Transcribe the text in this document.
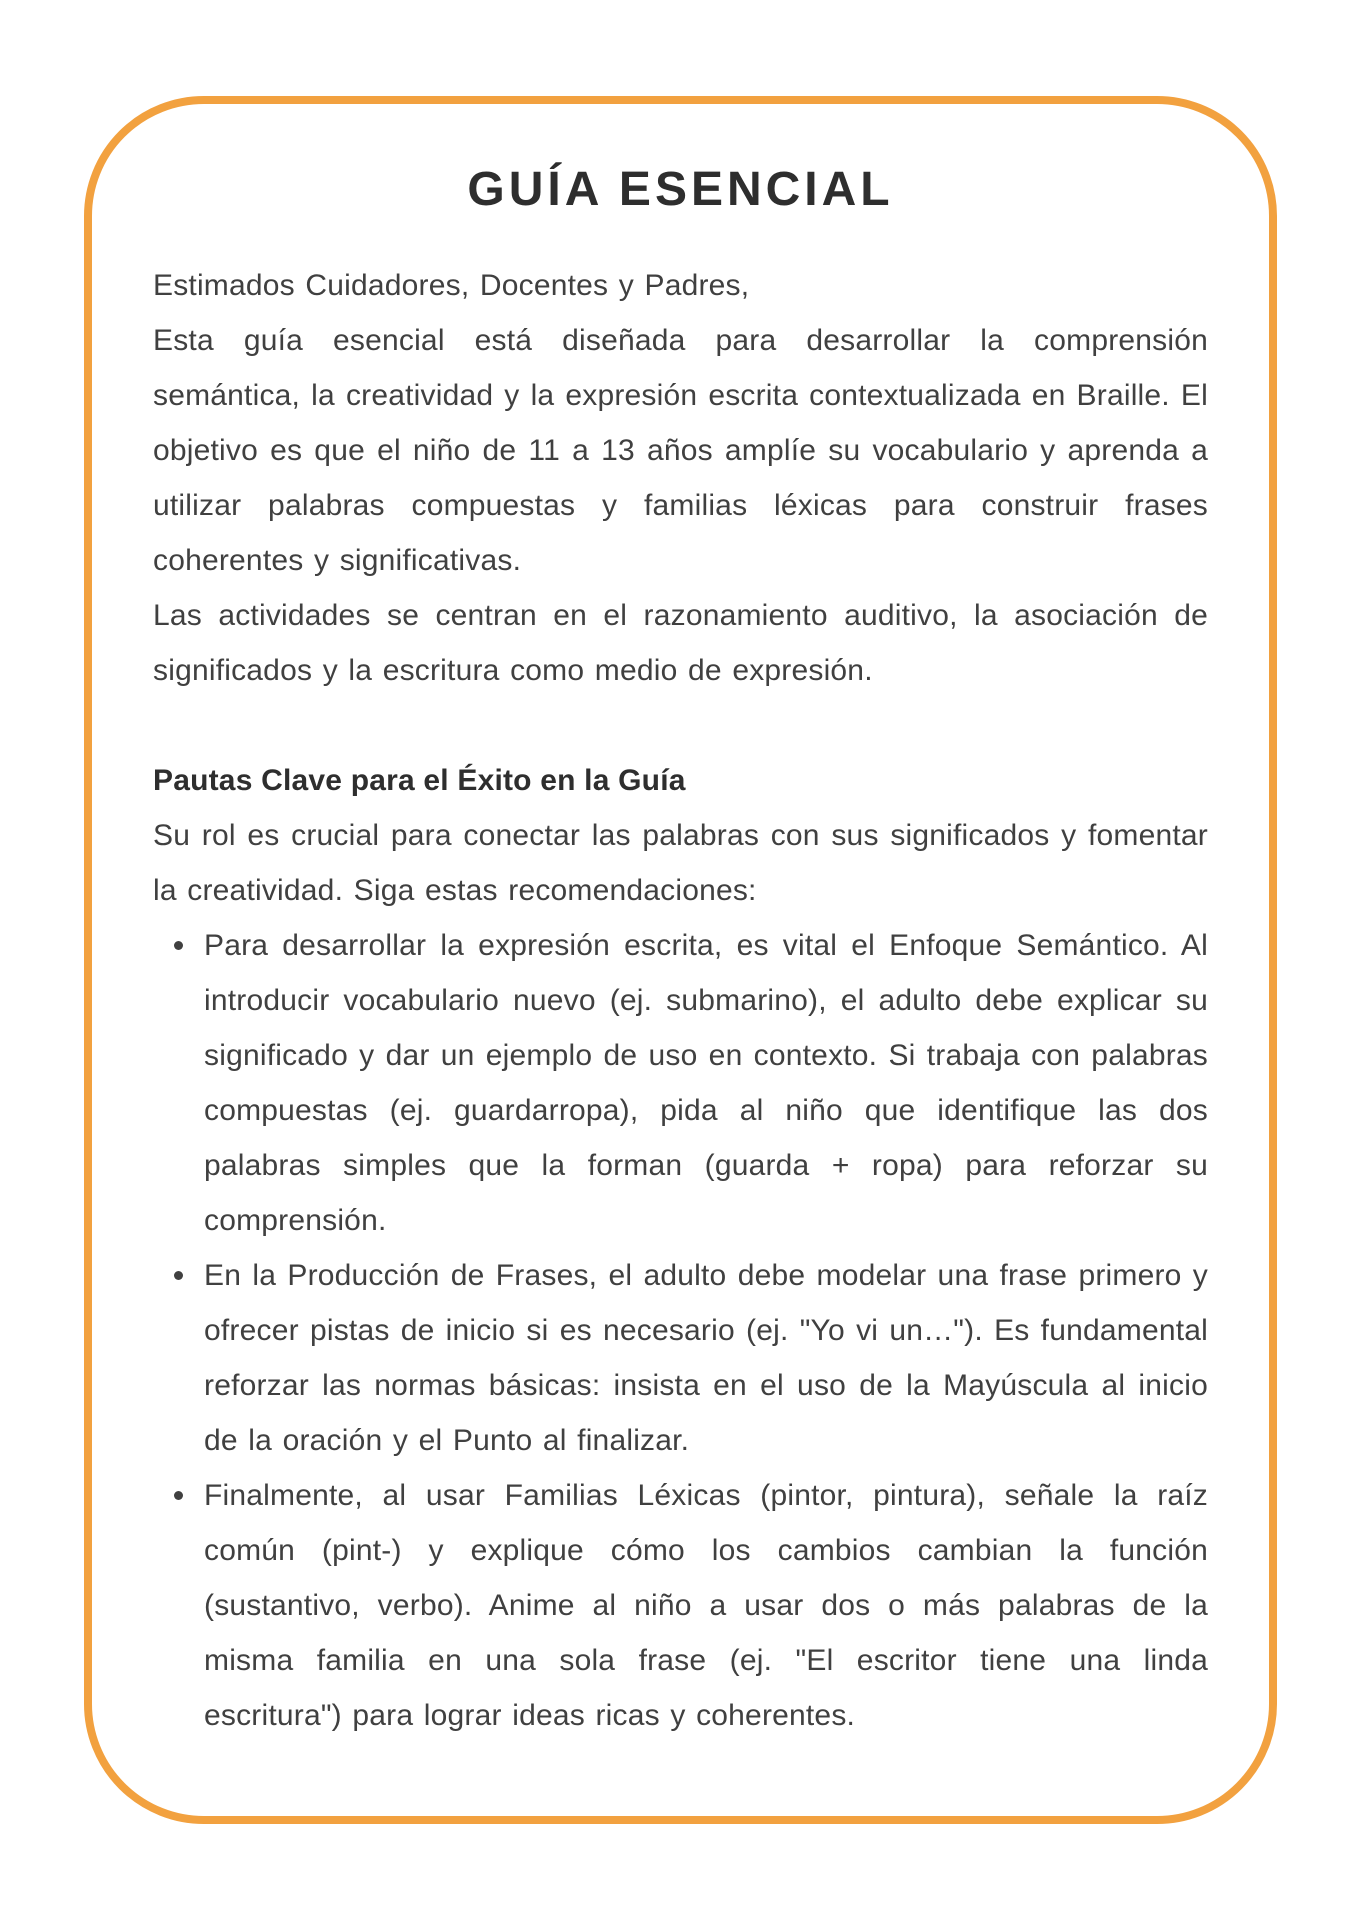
GUÍA ESENCIAL

Estimados Cuidadores, Docentes y Padres,

Esta guía esencial está diseñada para desarrollar la comprensión semántica, la creatividad y la expresión escrita contextualizada en Braille. El objetivo es que el niño de 11 a 13 años amplíe su vocabulario y aprenda a utilizar palabras compuestas y familias léxicas para construir frases coherentes y significativas.

Las actividades se centran en el razonamiento auditivo, la asociación de significados y la escritura como medio de expresión.

Pautas Clave para el Éxito en la Guía

Su rol es crucial para conectar las palabras con sus significados y fomentar la creatividad. Siga estas recomendaciones:

Para desarrollar la expresión escrita, es vital el Enfoque Semántico. Al introducir vocabulario nuevo (ej. submarino), el adulto debe explicar su significado y dar un ejemplo de uso en contexto. Si trabaja con palabras compuestas (ej. guardarropa), pida al niño que identifique las dos palabras simples que la forman (guarda + ropa) para reforzar su comprensión.
En la Producción de Frases, el adulto debe modelar una frase primero y ofrecer pistas de inicio si es necesario (ej. "Yo vi un…"). Es fundamental reforzar las normas básicas: insista en el uso de la Mayúscula al inicio de la oración y el Punto al finalizar.
Finalmente, al usar Familias Léxicas (pintor, pintura), señale la raíz común (pint-) y explique cómo los cambios cambian la función (sustantivo, verbo). Anime al niño a usar dos o más palabras de la misma familia en una sola frase (ej. "El escritor tiene una linda escritura") para lograr ideas ricas y coherentes.
